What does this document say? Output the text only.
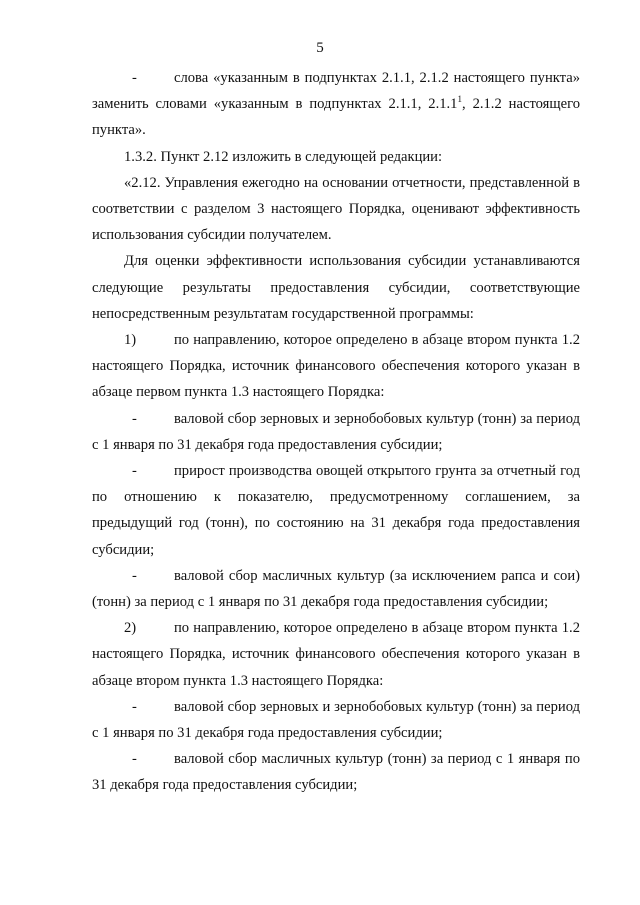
5

-	слова «указанным в подпунктах 2.1.1, 2.1.2 настоящего пункта» заменить словами «указанным в подпунктах 2.1.1, 2.1.1$^1$, 2.1.2 настоящего пункта».

1.3.2. Пункт 2.12 изложить в следующей редакции:

«2.12. Управления ежегодно на основании отчетности, представленной в соответствии с разделом 3 настоящего Порядка, оценивают эффективность использования субсидии получателем.

Для оценки эффективности использования субсидии устанавливаются следующие результаты предоставления субсидии, соответствующие непосредственным результатам государственной программы:

1)	по направлению, которое определено в абзаце втором пункта 1.2 настоящего Порядка, источник финансового обеспечения которого указан в абзаце первом пункта 1.3 настоящего Порядка:

-	валовой сбор зерновых и зернобобовых культур (тонн) за период с 1 января по 31 декабря года предоставления субсидии;

-	прирост производства овощей открытого грунта за отчетный год по отношению к показателю, предусмотренному соглашением, за предыдущий год (тонн), по состоянию на 31 декабря года предоставления субсидии;

-	валовой сбор масличных культур (за исключением рапса и сои) (тонн) за период с 1 января по 31 декабря года предоставления субсидии;

2)	по направлению, которое определено в абзаце втором пункта 1.2 настоящего Порядка, источник финансового обеспечения которого указан в абзаце втором пункта 1.3 настоящего Порядка:

-	валовой сбор зерновых и зернобобовых культур (тонн) за период с 1 января по 31 декабря года предоставления субсидии;

-	валовой сбор масличных культур (тонн) за период с 1 января по 31 декабря года предоставления субсидии;
